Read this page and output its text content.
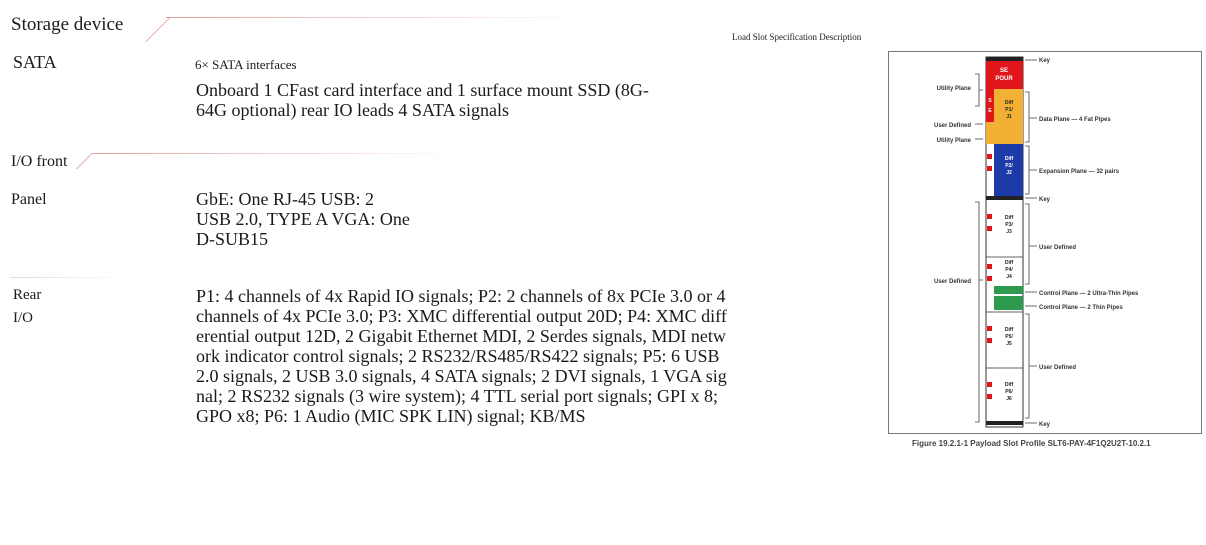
Storage device
SATA	6× SATA interfaces
Onboard 1 CFast card interface and 1 surface mount SSD (8G-64G optional) rear IO leads 4 SATA signals
I/O front
Panel	GbE: One RJ-45 USB: 2 USB 2.0, TYPE A VGA: One D-SUB15
Rear
I/O
P1: 4 channels of 4x Rapid IO signals; P2: 2 channels of 8x PCIe 3.0 or 4 channels of 4x PCIe 3.0; P3: XMC differential output 20D; P4: XMC differential output 12D, 2 Gigabit Ethernet MDI, 2 Serdes signals, MDI network indicator control signals; 2 RS232/RS485/RS422 signals; P5: 6 USB 2.0 signals, 2 USB 3.0 signals, 4 SATA signals; 2 DVI signals, 1 VGA signal; 2 RS232 signals (3 wire system); 4 TTL serial port signals; GPI x 8; GPO x8; P6: 1 Audio (MIC SPK LIN) signal; KB/MS
Load Slot Specification Description
SE
POUR
S
E
Diff
P1/
J1
Diff
P2/
J2
Diff
P3/
J3
Diff
P4/
J4
Diff
P5/
J5
Diff
P6/
J6
Utility Plane
User Defined
Utility Plane
User Defined
Key
Data Plane — 4 Fat Pipes
Expansion Plane — 32 pairs
Key
User Defined
Control Plane — 2 Ultra-Thin Pipes
Control Plane — 2 Thin Pipes
User Defined
Key
Figure 19.2.1-1 Payload Slot Profile SLT6-PAY-4F1Q2U2T-10.2.1
